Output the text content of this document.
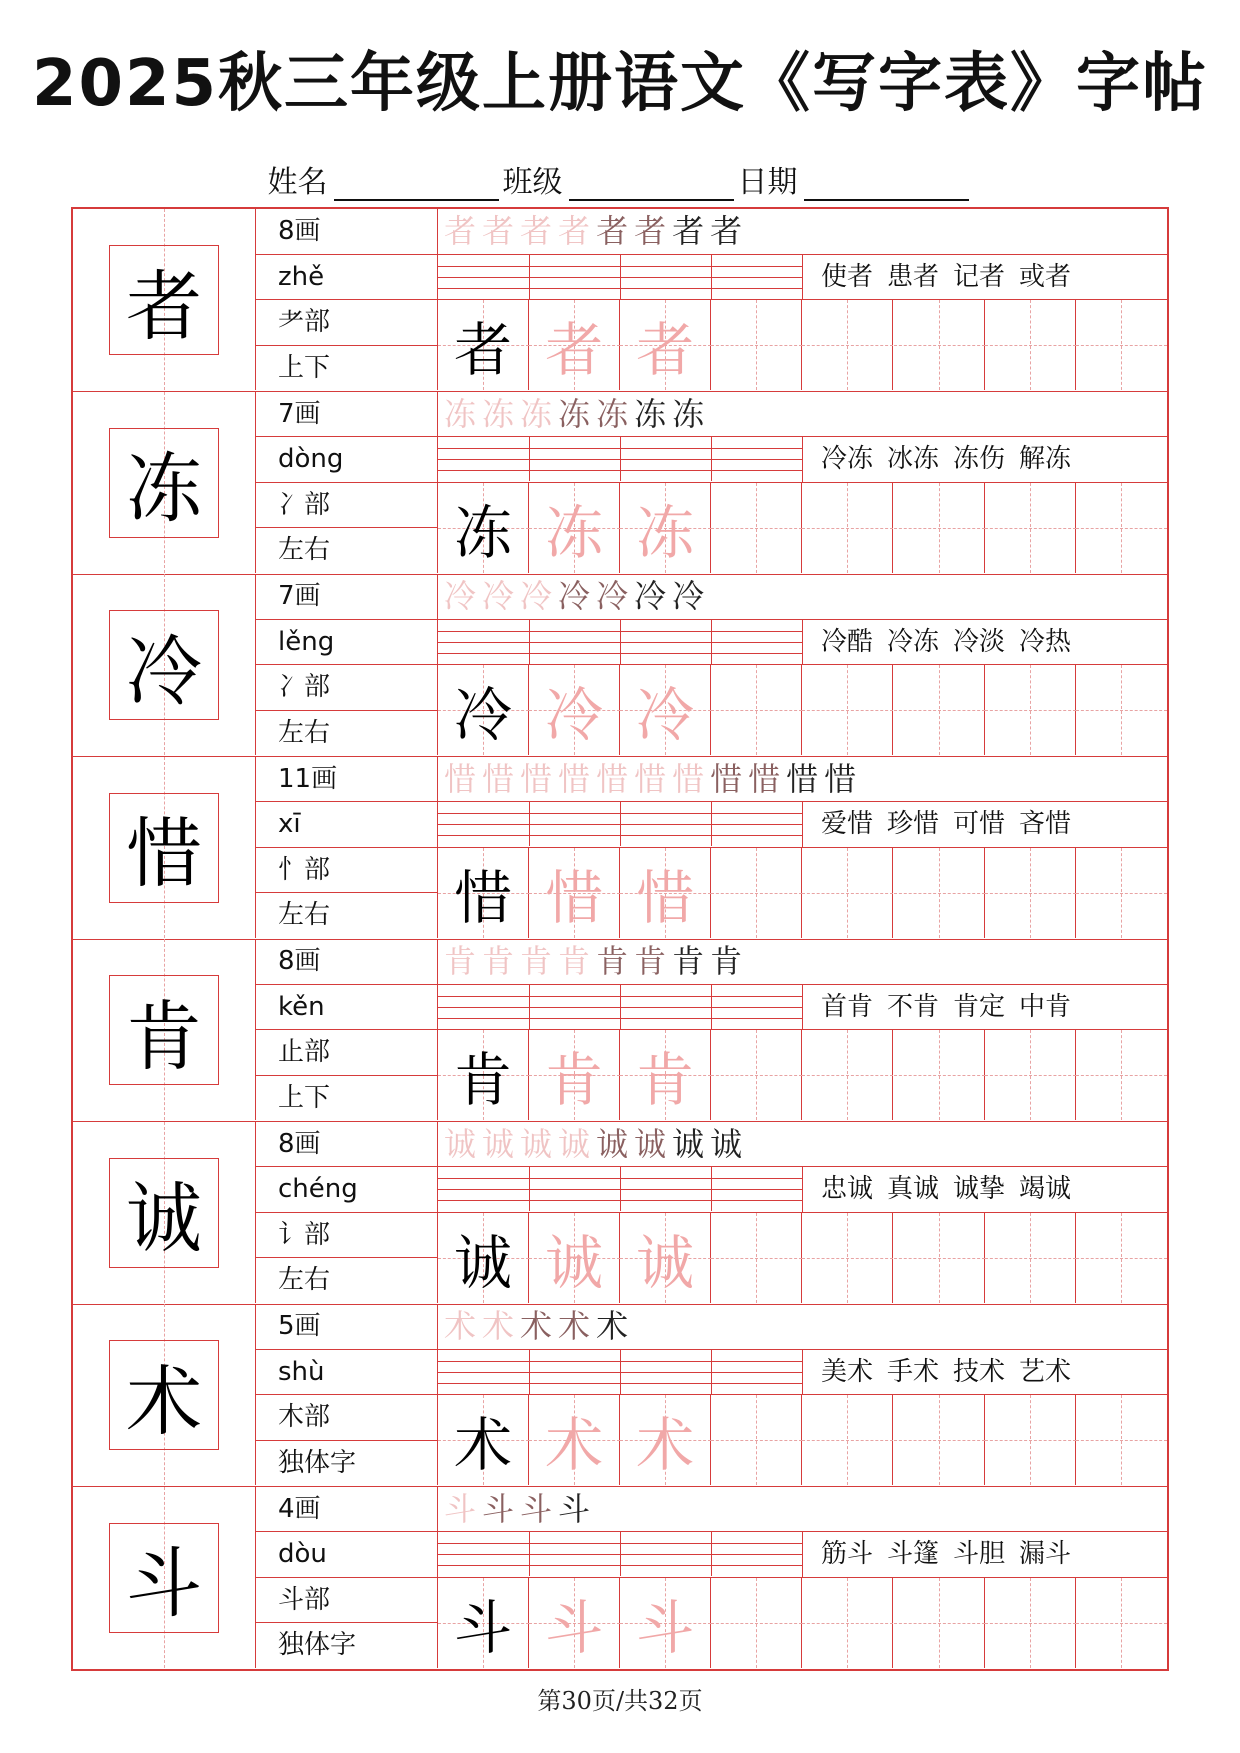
2025秋三年级上册语文《写字表》字帖
姓名	班级	日期
者
8画
zhě
耂部
上下
者 者 者 者 者 者 者 者
使者 患者 记者 或者
者 者 者
冻
7画
dòng
冫部
左右
冻 冻 冻 冻 冻 冻 冻
冷冻 冰冻 冻伤 解冻
冻 冻 冻
冷
7画
lěng
冫部
左右
冷 冷 冷 冷 冷 冷 冷
冷酷 冷冻 冷淡 冷热
冷 冷 冷
惜
11画
xī
忄部
左右
惜 惜 惜 惜 惜 惜 惜 惜 惜 惜 惜
爱惜 珍惜 可惜 吝惜
惜 惜 惜
肯
8画
kěn
止部
上下
肯 肯 肯 肯 肯 肯 肯 肯
首肯 不肯 肯定 中肯
肯 肯 肯
诚
8画
chéng
讠部
左右
诚 诚 诚 诚 诚 诚 诚 诚
忠诚 真诚 诚挚 竭诚
诚 诚 诚
术
5画
shù
木部
独体字
术 术 术 术 术
美术 手术 技术 艺术
术 术 术
斗
4画
dòu
斗部
独体字
斗 斗 斗 斗
筋斗 斗篷 斗胆 漏斗
斗 斗 斗
第30页/共32页
